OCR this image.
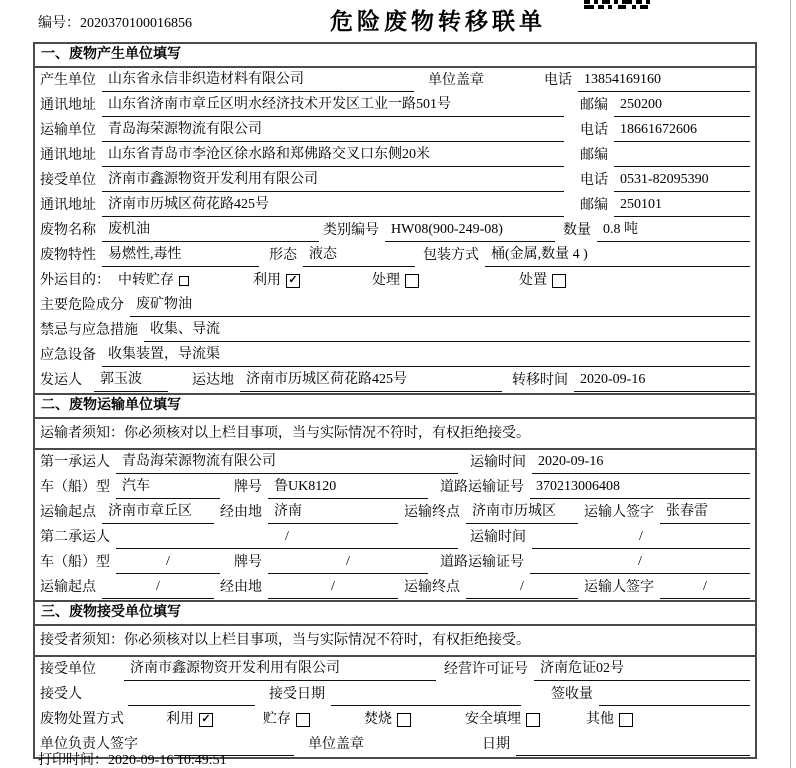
编号：2020370100016856	危险废物转移联单
一、废物产生单位填写
产生单位 山东省永信非织造材料有限公司	单位盖章	电话 13854169160
通讯地址 山东省济南市章丘区明水经济技术开发区工业一路501号	邮编 250200
运输单位 青岛海荣源物流有限公司	电话 18661672606
通讯地址 山东省青岛市李沧区徐水路和郑佛路交叉口东侧20米	邮编
接受单位 济南市鑫源物资开发利用有限公司	电话 0531-82095390
通讯地址 济南市历城区荷花路425号	邮编 250101
废物名称 废机油	类别编号 HW08(900-249-08)	数量 0.8 吨
废物特性 易燃性,毒性	形态 液态	包装方式 桶(金属,数量 4 )
外运目的： 中转贮存	利用 ✓	处理	处置
主要危险成分 废矿物油
禁忌与应急措施 收集、导流
应急设备 收集装置，导流渠
发运人	郭玉波	运达地 济南市历城区荷花路425号	转移时间 2020-09-16
二、废物运输单位填写
运输者须知：你必须核对以上栏目事项，当与实际情况不符时，有权拒绝接受。
第一承运人 青岛海荣源物流有限公司	运输时间 2020-09-16
车（船）型 汽车	牌号 鲁UK8120	道路运输证号 370213006408
运输起点 济南市章丘区	经由地 济南	运输终点 济南市历城区	运输人签字 张春雷
第二承运人	/	运输时间	/
车（船）型	/	牌号	/	道路运输证号	/
运输起点	/	经由地	/	运输终点	/	运输人签字	/
三、废物接受单位填写
接受者须知：你必须核对以上栏目事项，当与实际情况不符时，有权拒绝接受。
接受单位	济南市鑫源物资开发利用有限公司	经营许可证号 济南危证02号
接受人	接受日期	签收量
废物处置方式	利用 ✓	贮存	焚烧	安全填埋	其他
单位负责人签字	单位盖章	日期
打印时间：2020-09-16 10:49:51
